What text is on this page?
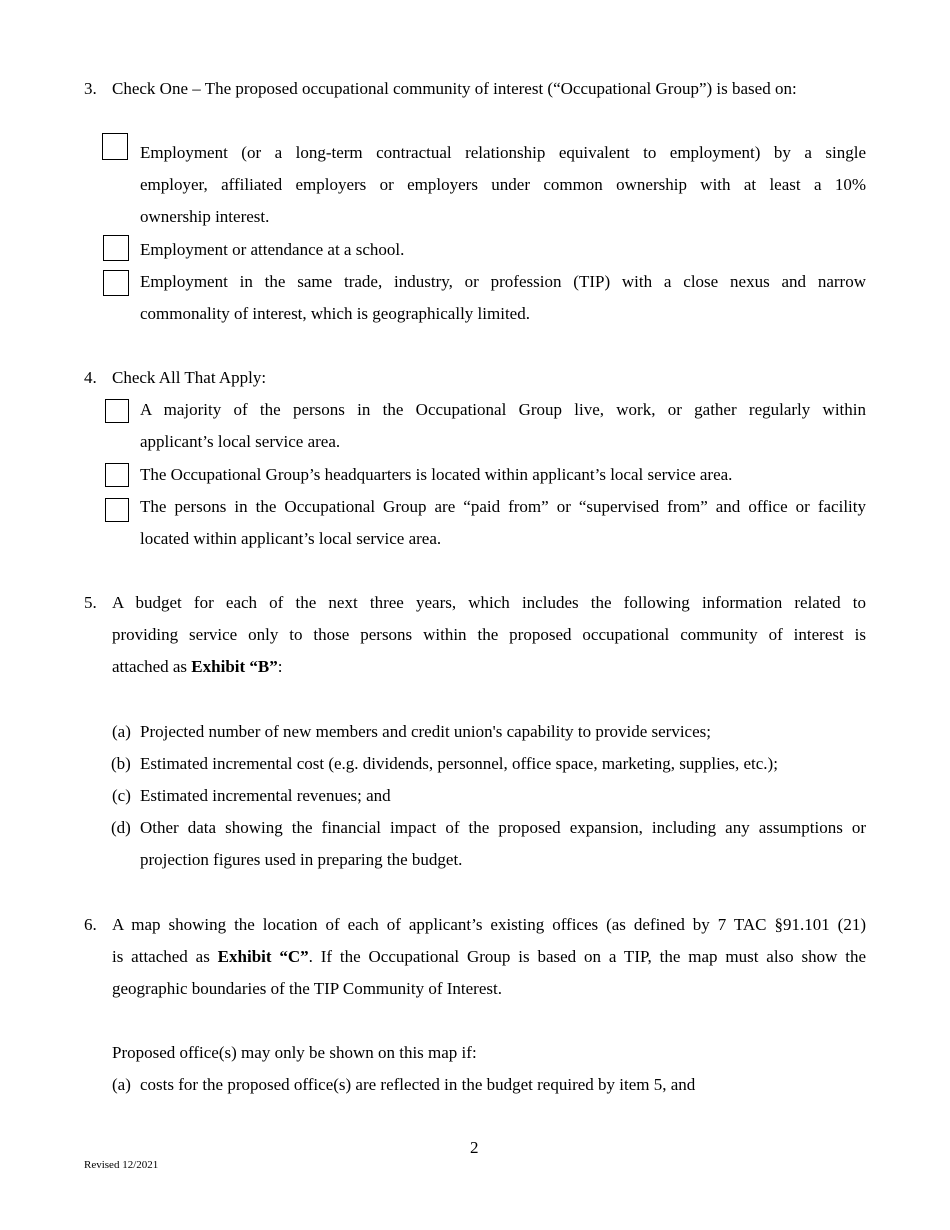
3. Check One – The proposed occupational community of interest (“Occupational Group”) is based on:
Employment (or a long-term contractual relationship equivalent to employment) by a single
employer, affiliated employers or employers under common ownership with at least a 10%
ownership interest.
Employment or attendance at a school.
Employment in the same trade, industry, or profession (TIP) with a close nexus and narrow
commonality of interest, which is geographically limited.
4. Check All That Apply:
A majority of the persons in the Occupational Group live, work, or gather regularly within
applicant’s local service area.
The Occupational Group’s headquarters is located within applicant’s local service area.
The persons in the Occupational Group are “paid from” or “supervised from” and office or facility
located within applicant’s local service area.
5. A budget for each of the next three years, which includes the following information related to
providing service only to those persons within the proposed occupational community of interest is
attached as Exhibit “B”:
(a) Projected number of new members and credit union's capability to provide services;
(b) Estimated incremental cost (e.g. dividends, personnel, office space, marketing, supplies, etc.);
(c) Estimated incremental revenues; and
(d) Other data showing the financial impact of the proposed expansion, including any assumptions or
projection figures used in preparing the budget.
6. A map showing the location of each of applicant’s existing offices (as defined by 7 TAC §91.101 (21)
is attached as Exhibit “C”. If the Occupational Group is based on a TIP, the map must also show the
geographic boundaries of the TIP Community of Interest.
Proposed office(s) may only be shown on this map if:
(a) costs for the proposed office(s) are reflected in the budget required by item 5, and
2
Revised 12/2021
